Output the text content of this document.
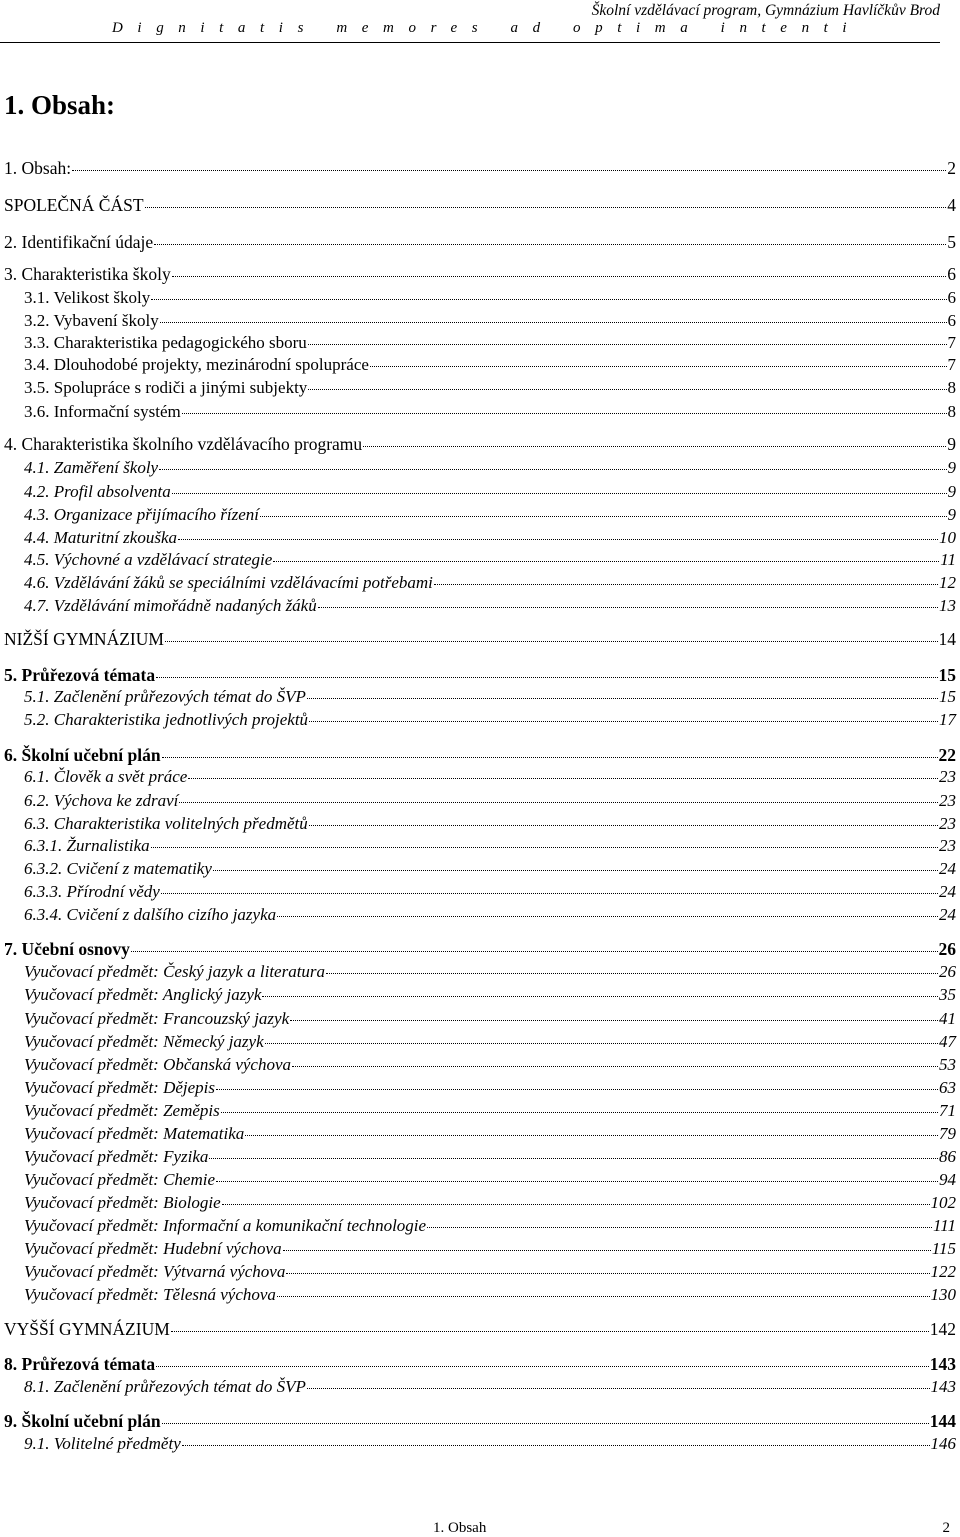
Školní vzdělávací program, Gymnázium Havlíčkův Brod
Dignitatis memores ad optima intenti
1. Obsah:
1. Obsah:	2
SPOLEČNÁ ČÁST	4
2. Identifikační údaje	5
3. Charakteristika školy	6
3.1. Velikost školy	6
3.2. Vybavení školy	6
3.3. Charakteristika pedagogického sboru	7
3.4. Dlouhodobé projekty, mezinárodní spolupráce	7
3.5. Spolupráce s rodiči a jinými subjekty	8
3.6. Informační systém	8
4. Charakteristika školního vzdělávacího programu	9
4.1. Zaměření školy	9
4.2. Profil absolventa	9
4.3. Organizace přijímacího řízení	9
4.4. Maturitní zkouška	10
4.5. Výchovné a vzdělávací strategie	11
4.6. Vzdělávání žáků se speciálními vzdělávacími potřebami	12
4.7. Vzdělávání mimořádně nadaných žáků	13
NIŽŠÍ GYMNÁZIUM	14
5. Průřezová témata	15
5.1. Začlenění průřezových témat do ŠVP	15
5.2. Charakteristika jednotlivých projektů	17
6. Školní učební plán	22
6.1. Člověk a svět práce	23
6.2. Výchova ke zdraví	23
6.3. Charakteristika volitelných předmětů	23
6.3.1. Žurnalistika	23
6.3.2. Cvičení z matematiky	24
6.3.3. Přírodní vědy	24
6.3.4. Cvičení z dalšího cizího jazyka	24
7. Učební osnovy	26
Vyučovací předmět: Český jazyk a literatura	26
Vyučovací předmět: Anglický jazyk	35
Vyučovací předmět: Francouzský jazyk	41
Vyučovací předmět: Německý jazyk	47
Vyučovací předmět: Občanská výchova	53
Vyučovací předmět: Dějepis	63
Vyučovací předmět: Zeměpis	71
Vyučovací předmět: Matematika	79
Vyučovací předmět: Fyzika	86
Vyučovací předmět: Chemie	94
Vyučovací předmět: Biologie	102
Vyučovací předmět: Informační a komunikační technologie	111
Vyučovací předmět: Hudební výchova	115
Vyučovací předmět: Výtvarná výchova	122
Vyučovací předmět: Tělesná výchova	130
VYŠŠÍ GYMNÁZIUM	142
8. Průřezová témata	143
8.1. Začlenění průřezových témat do ŠVP	143
9. Školní učební plán	144
9.1. Volitelné předměty	146
1. Obsah	2
